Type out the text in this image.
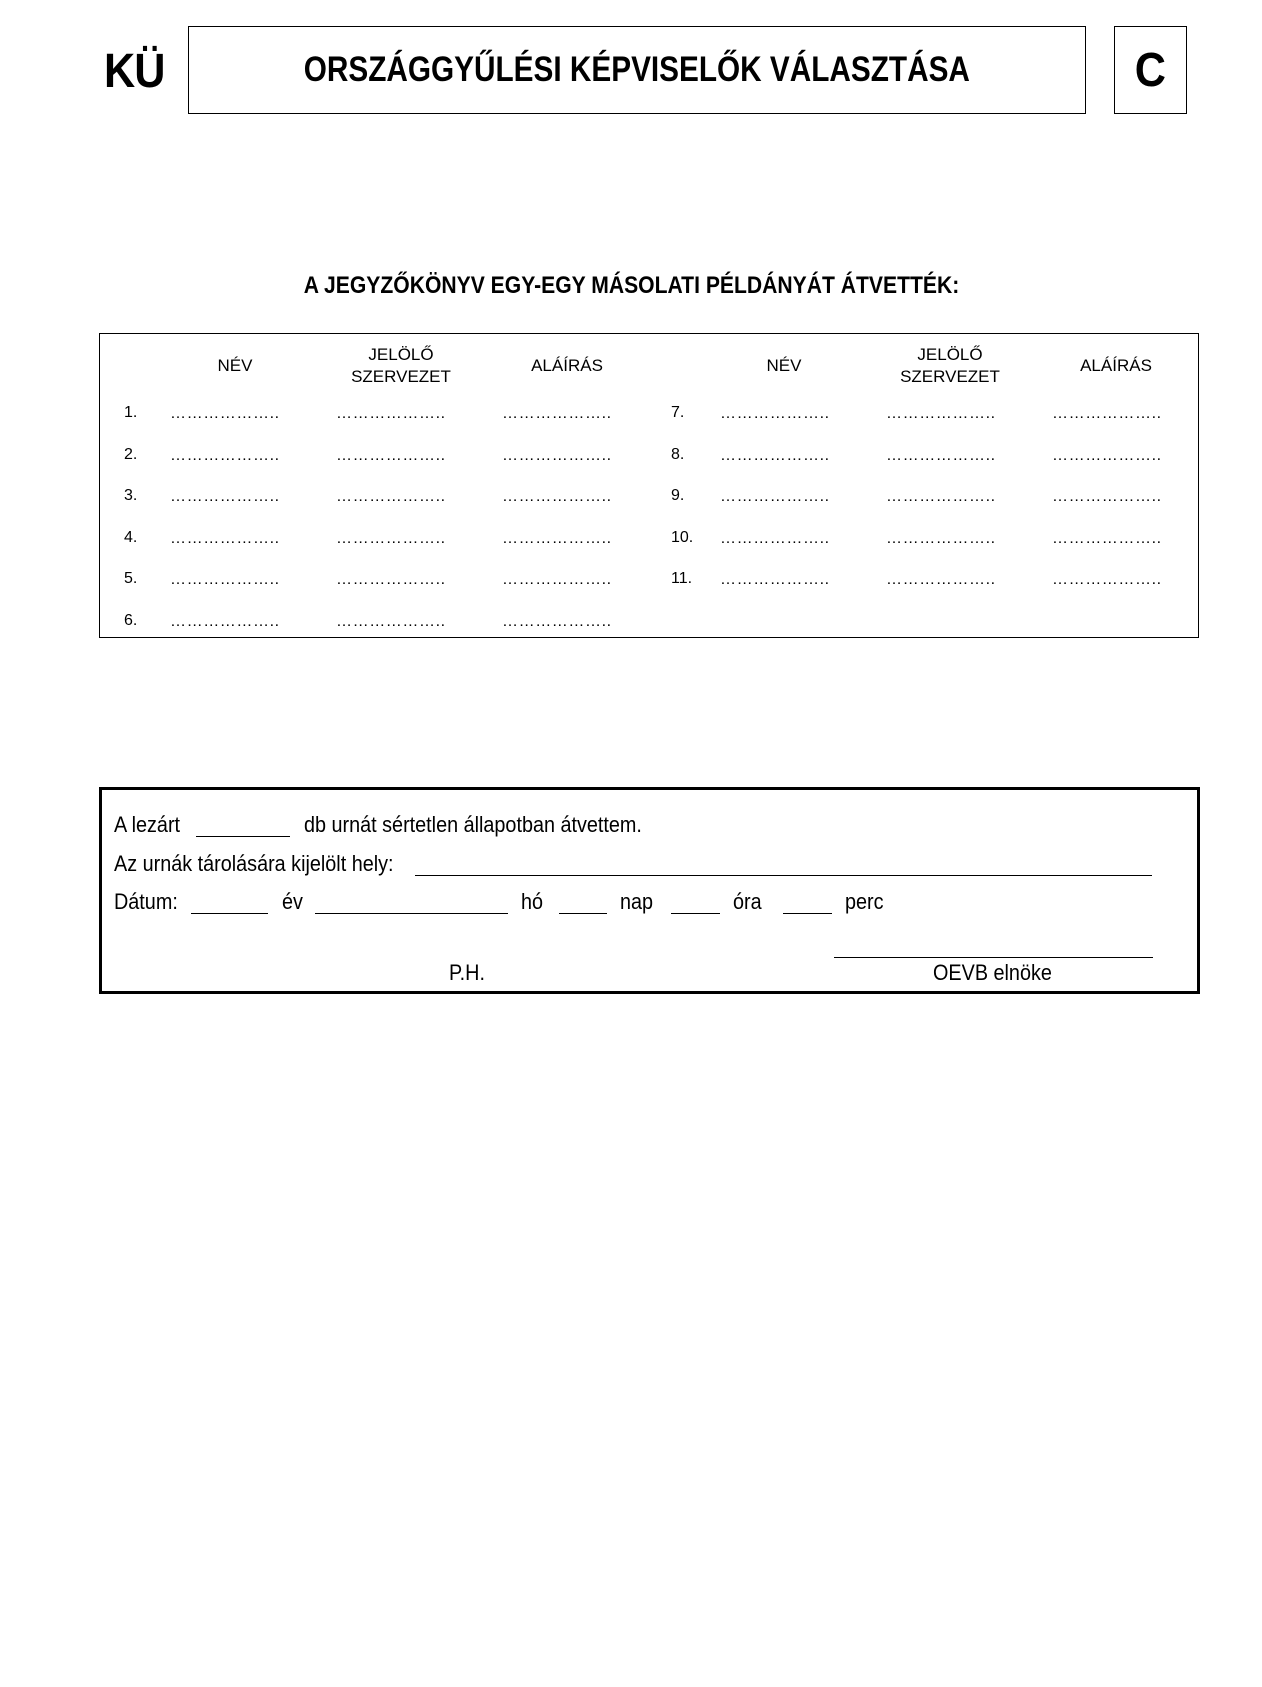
KÜ	ORSZÁGGYŰLÉSI KÉPVISELŐK VÁLASZTÁSA	C
A JEGYZŐKÖNYV EGY-EGY MÁSOLATI PÉLDÁNYÁT ÁTVETTÉK:
NÉV
JELÖLŐ
SZERVEZET
ALÁÍRÁS	NÉV
JELÖLŐ
SZERVEZET
ALÁÍRÁS
1. ………………..	………………..	………………..
2. ………………..	………………..	………………..
3. ………………..	………………..	………………..
4. ………………..	………………..	………………..
5. ………………..	………………..	………………..
6. ………………..	………………..	………………..
7. ………………..	………………..	………………..
8. ………………..	………………..	………………..
9. ………………..	………………..	………………..
10. ………………..	………………..	………………..
11. ………………..	………………..	………………..
A lezárt	db urnát sértetlen állapotban átvettem.
Az urnák tárolására kijelölt hely:
Dátum:	év	hó	nap	óra	perc
P.H.	OEVB elnöke
